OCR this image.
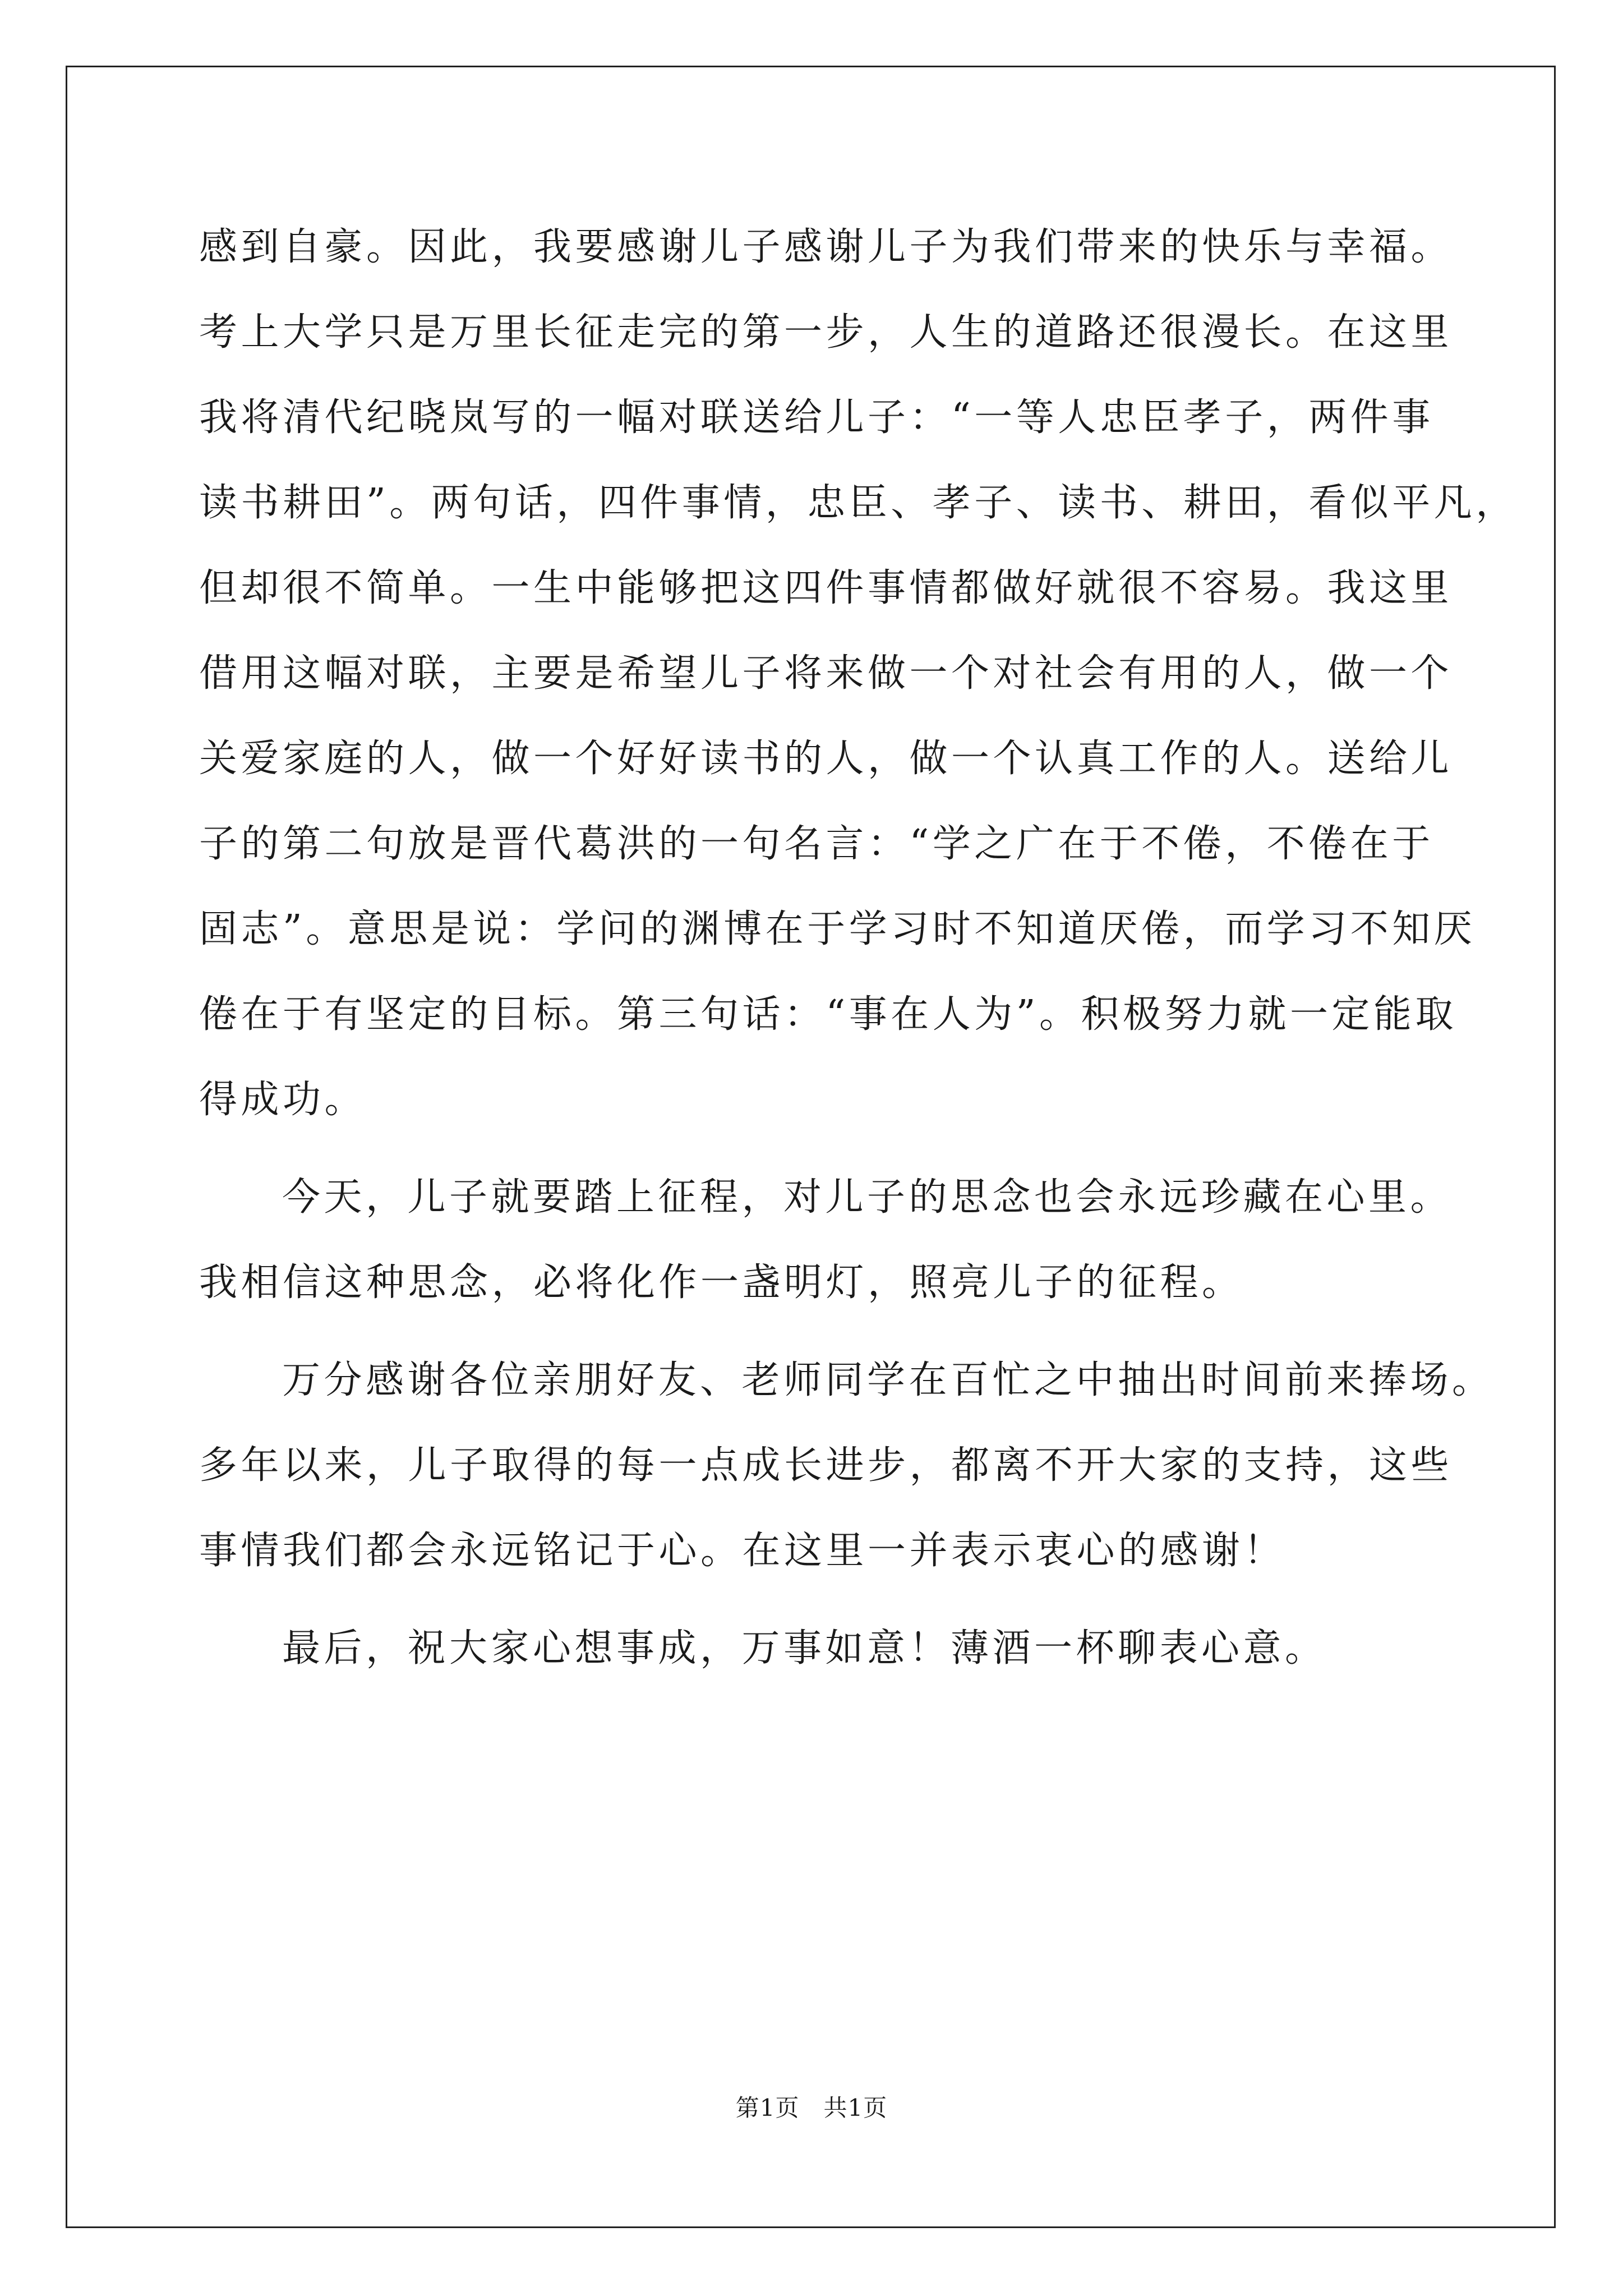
感到自豪。因此，我要感谢儿子感谢儿子为我们带来的快乐与幸福。
考上大学只是万里长征走完的第一步，人生的道路还很漫长。在这里
我将清代纪晓岚写的一幅对联送给儿子：“一等人忠臣孝子，两件事
读书耕田”。两句话，四件事情，忠臣、孝子、读书、耕田，看似平凡，
但却很不简单。一生中能够把这四件事情都做好就很不容易。我这里
借用这幅对联，主要是希望儿子将来做一个对社会有用的人，做一个
关爱家庭的人，做一个好好读书的人，做一个认真工作的人。送给儿
子的第二句放是晋代葛洪的一句名言：“学之广在于不倦，不倦在于
固志”。意思是说：学问的渊博在于学习时不知道厌倦，而学习不知厌
倦在于有坚定的目标。第三句话：“事在人为”。积极努力就一定能取
得成功。
今天，儿子就要踏上征程，对儿子的思念也会永远珍藏在心里。
我相信这种思念，必将化作一盏明灯，照亮儿子的征程。
万分感谢各位亲朋好友、老师同学在百忙之中抽出时间前来捧场。
多年以来，儿子取得的每一点成长进步，都离不开大家的支持，这些
事情我们都会永远铭记于心。在这里一并表示衷心的感谢！
最后，祝大家心想事成，万事如意！薄酒一杯聊表心意。
第1页   共1页
